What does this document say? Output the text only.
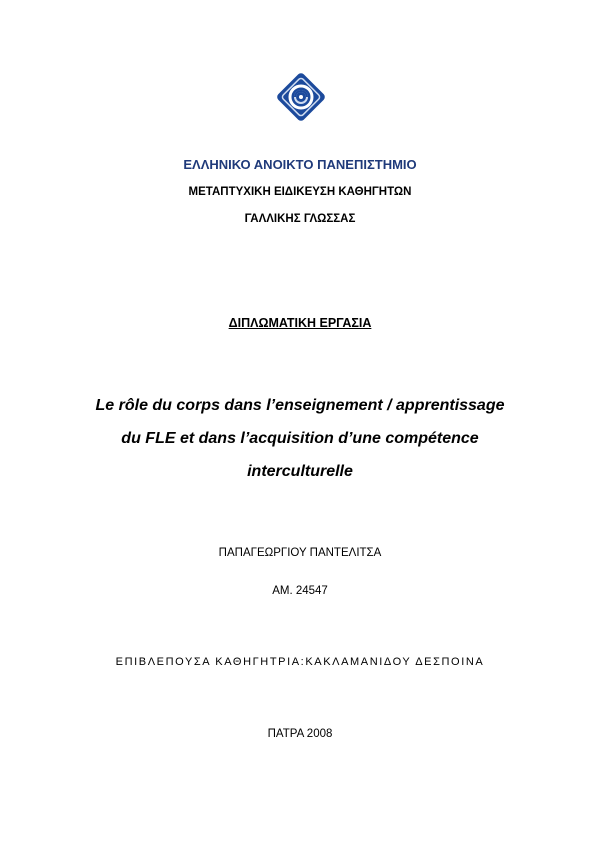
ΕΛΛΗΝΙΚΟ ΑΝΟΙΚΤΟ ΠΑΝΕΠΙΣΤΗΜΙΟ
ΜΕΤΑΠΤΥΧΙΚΗ ΕΙΔΙΚΕΥΣΗ ΚΑΘΗΓΗΤΩΝ
ΓΑΛΛΙΚΗΣ ΓΛΩΣΣΑΣ
ΔΙΠΛΩΜΑΤΙΚΗ ΕΡΓΑΣΙΑ
Le rôle du corps dans l’enseignement / apprentissage
du FLE et dans l’acquisition d’une compétence
interculturelle
ΠΑΠΑΓΕΩΡΓΙΟΥ ΠΑΝΤΕΛΙΤΣΑ
ΑΜ. 24547
ΕΠΙΒΛΕΠΟΥΣΑ ΚΑΘΗΓΗΤΡΙΑ:ΚΑΚΛΑΜΑΝΙΔΟΥ ΔΕΣΠΟΙΝΑ
ΠΑΤΡΑ 2008
